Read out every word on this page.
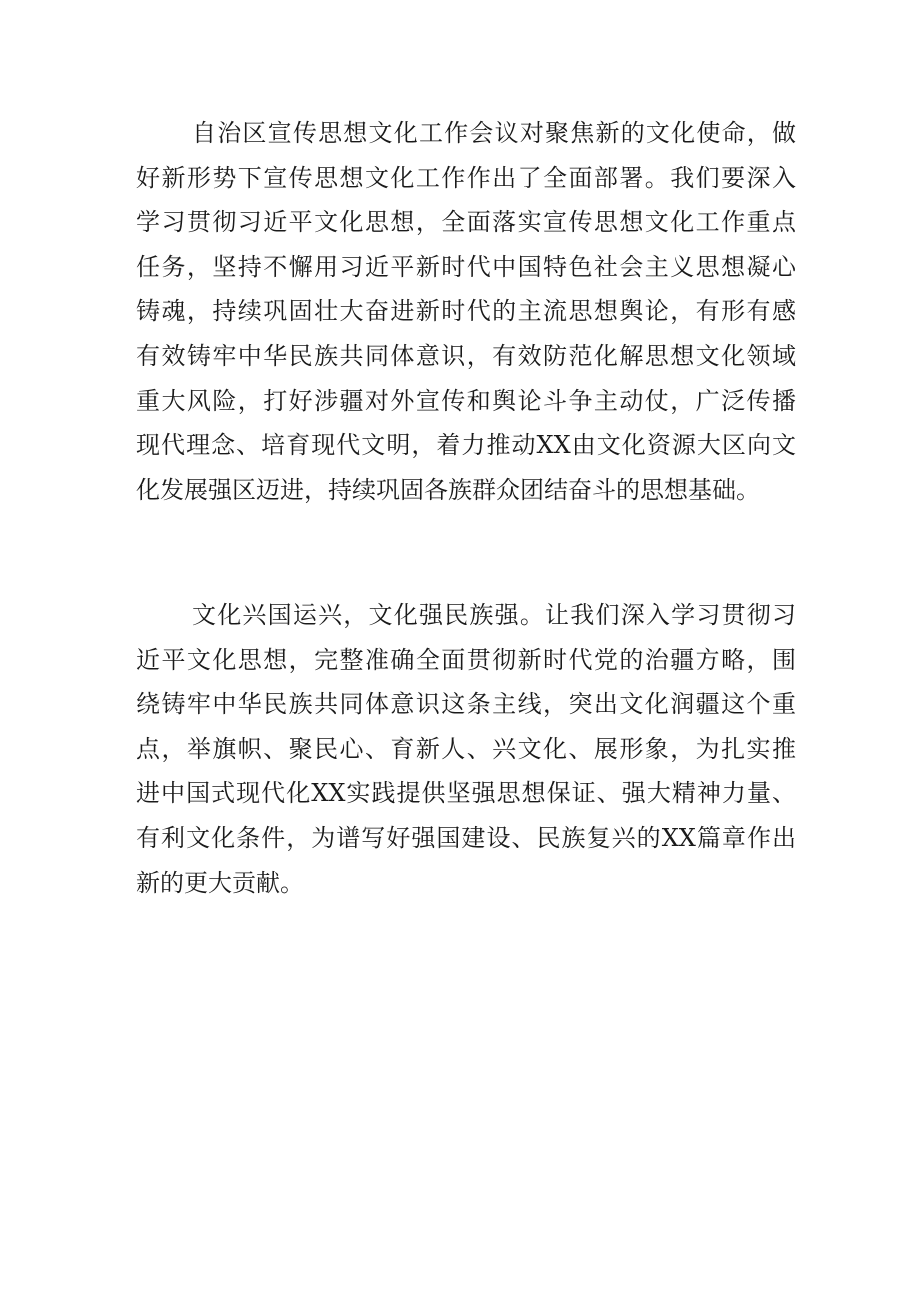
自治区宣传思想文化工作会议对聚焦新的文化使命，做
好新形势下宣传思想文化工作作出了全面部署。我们要深入
学习贯彻习近平文化思想，全面落实宣传思想文化工作重点
任务，坚持不懈用习近平新时代中国特色社会主义思想凝心
铸魂，持续巩固壮大奋进新时代的主流思想舆论，有形有感
有效铸牢中华民族共同体意识，有效防范化解思想文化领域
重大风险，打好涉疆对外宣传和舆论斗争主动仗，广泛传播
现代理念、培育现代文明，着力推动XX由文化资源大区向文
化发展强区迈进，持续巩固各族群众团结奋斗的思想基础。
文化兴国运兴，文化强民族强。让我们深入学习贯彻习
近平文化思想，完整准确全面贯彻新时代党的治疆方略，围
绕铸牢中华民族共同体意识这条主线，突出文化润疆这个重
点，举旗帜、聚民心、育新人、兴文化、展形象，为扎实推
进中国式现代化XX实践提供坚强思想保证、强大精神力量、
有利文化条件，为谱写好强国建设、民族复兴的XX篇章作出
新的更大贡献。
